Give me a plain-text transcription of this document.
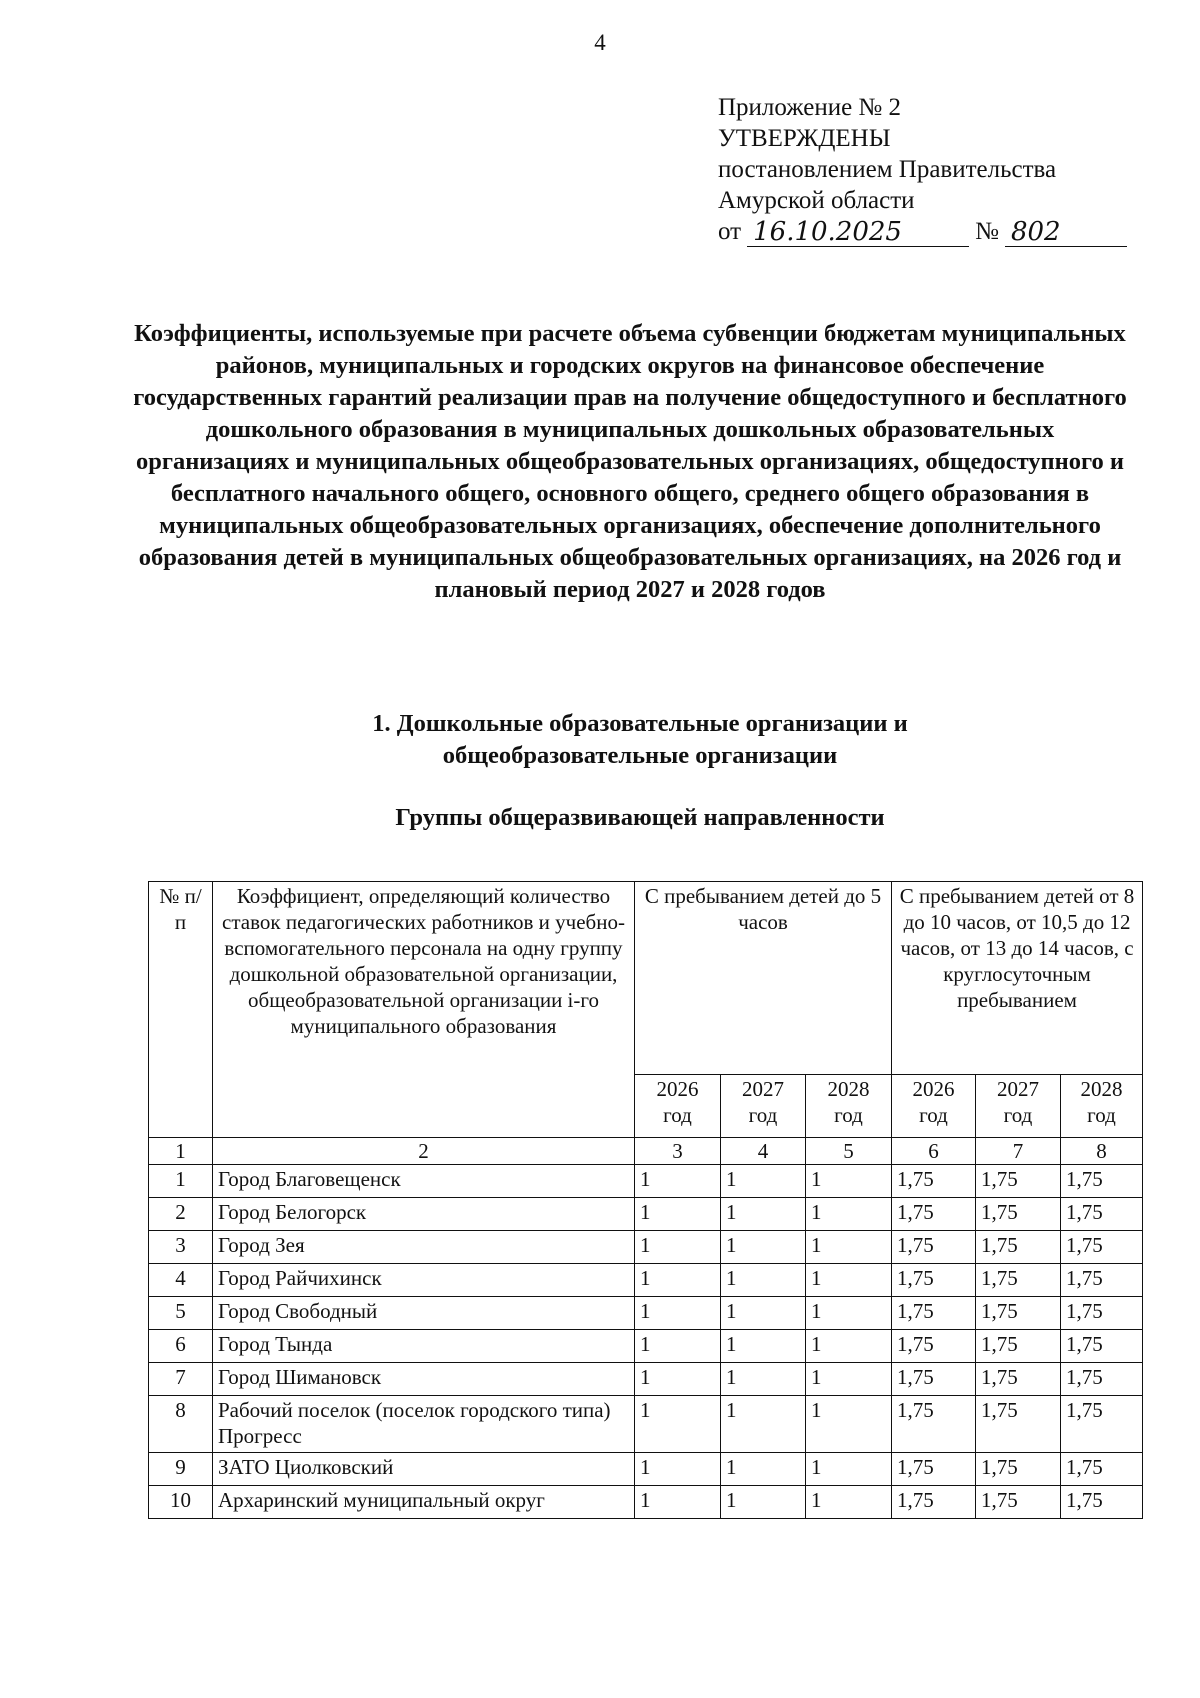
4
Приложение № 2
УТВЕРЖДЕНЫ
постановлением Правительства
Амурской области
от 16.10.2025	№ 802
Коэффициенты, используемые при расчете объема субвенции бюджетам муниципальных районов, муниципальных и городских округов на финансовое обеспечение государственных гарантий реализации прав на получение общедоступного и бесплатного дошкольного образования в муниципальных дошкольных образовательных организациях и муниципальных общеобразовательных организациях, общедоступного и бесплатного начального общего, основного общего, среднего общего образования в муниципальных общеобразовательных организациях, обеспечение дополнительного образования детей в муниципальных общеобразовательных организациях, на 2026 год и плановый период 2027 и 2028 годов
1. Дошкольные образовательные организации и
общеобразовательные организации
Группы общеразвивающей направленности
№ п/п	Коэффициент, определяющий количество ставок педагогических работников и учебно-вспомогательного персонала на одну группу дошкольной образовательной организации, общеобразовательной организации i-го муниципального образования	С пребыванием детей до 5 часов			С пребыванием детей от 8 до 10 часов, от 10,5 до 12 часов, от 13 до 14 часов, с круглосуточным пребыванием		
		2026 год	2027 год	2028 год	2026 год	2027 год	2028 год
1	2	3	4	5	6	7	8
1	Город Благовещенск	1	1	1	1,75	1,75	1,75
2	Город Белогорск	1	1	1	1,75	1,75	1,75
3	Город Зея	1	1	1	1,75	1,75	1,75
4	Город Райчихинск	1	1	1	1,75	1,75	1,75
5	Город Свободный	1	1	1	1,75	1,75	1,75
6	Город Тында	1	1	1	1,75	1,75	1,75
7	Город Шимановск	1	1	1	1,75	1,75	1,75
8	Рабочий поселок (поселок городского типа) Прогресс	1	1	1	1,75	1,75	1,75
9	ЗАТО Циолковский	1	1	1	1,75	1,75	1,75
10	Архаринский муниципальный округ	1	1	1	1,75	1,75	1,75
